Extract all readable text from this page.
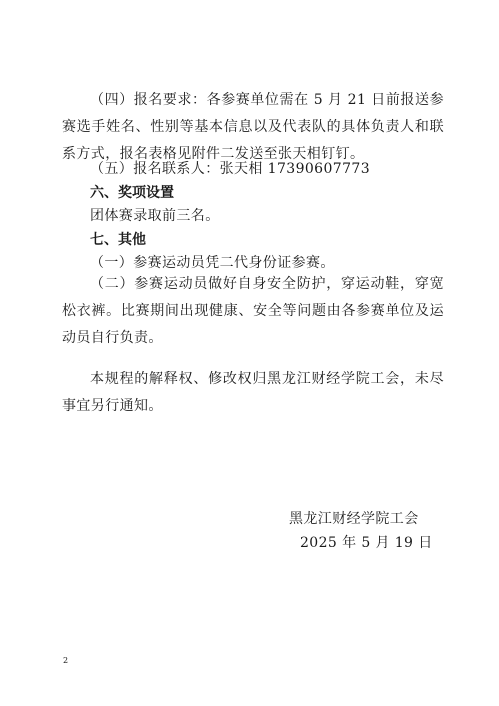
（四）报名要求：各参赛单位需在 5 月 21 日前报送参赛选手姓名、性别等基本信息以及代表队的具体负责人和联系方式，报名表格见附件二发送至张天相钉钉。
（五）报名联系人：张天相 17390607773
六、奖项设置
团体赛录取前三名。
七、其他
（一）参赛运动员凭二代身份证参赛。
（二）参赛运动员做好自身安全防护，穿运动鞋，穿宽松衣裤。比赛期间出现健康、安全等问题由各参赛单位及运动员自行负责。
本规程的解释权、修改权归黑龙江财经学院工会，未尽事宜另行通知。
黑龙江财经学院工会
2025 年 5 月 19 日
2
